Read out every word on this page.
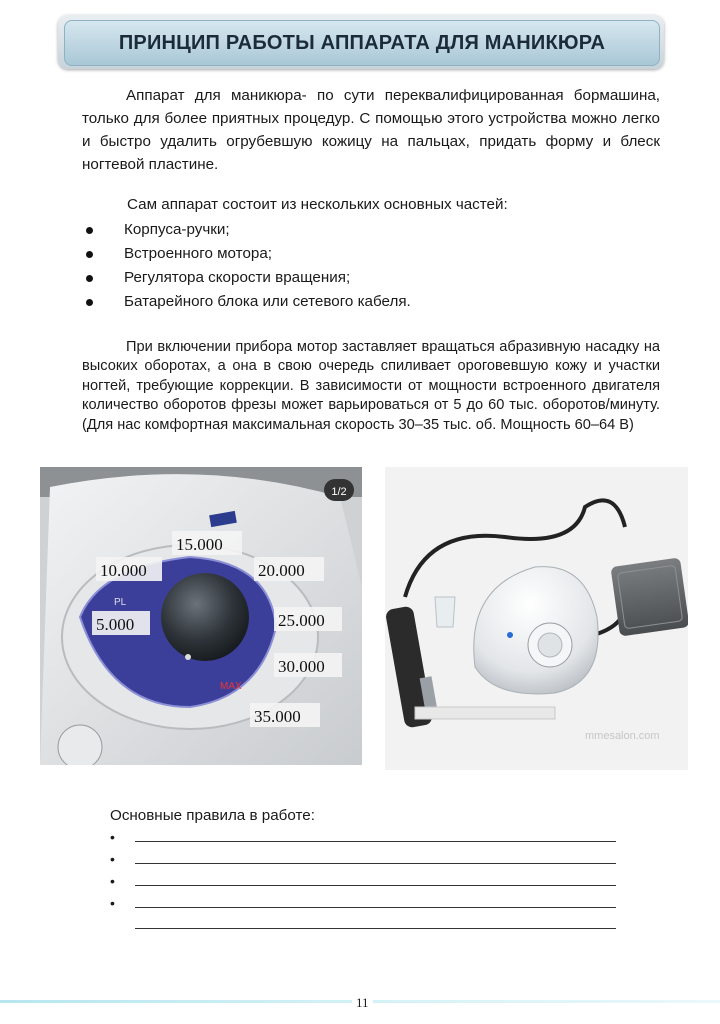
ПРИНЦИП РАБОТЫ АППАРАТА ДЛЯ МАНИКЮРА

Аппарат для маникюра- по сути переквалифицированная бормашина, только для более приятных процедур. С помощью этого устройства можно легко и быстро удалить огрубевшую кожицу на пальцах, придать форму и блеск ногтевой пластине.

Сам аппарат состоит из нескольких основных частей:

Корпуса-ручки;
Встроенного мотора;
Регулятора скорости вращения;
Батарейного блока или сетевого кабеля.

При включении прибора мотор заставляет вращаться абразивную насадку на высоких оборотах, а она в свою очередь спиливает ороговевшую кожу и участки ногтей, требующие коррекции. В зависимости от мощности встроенного двигателя количество оборотов фрезы может варьироваться от 5 до 60 тыс. оборотов/минуту. (Для нас комфортная максимальная скорость 30–35 тыс. об. Мощность 60–64 В)

1/2
PL
MAX
15.000
10.000	20.000
5.000	25.000
30.000
35.000
mmesalon.com

Основные правила в работе:

•
•
•
•
11
